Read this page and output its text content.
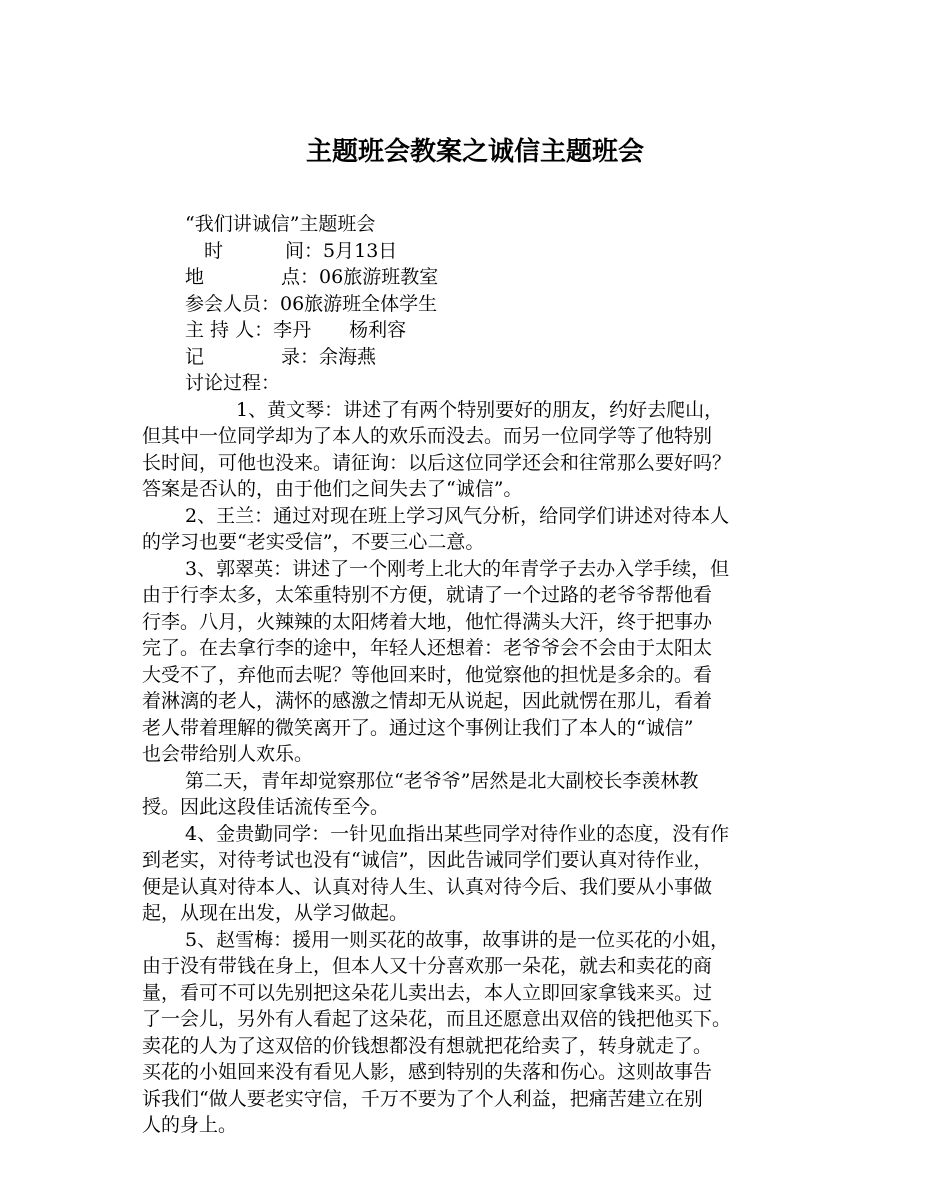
主题班会教案之诚信主题班会
“我们讲诚信”主题班会
时	间：5月13日
地	点：06旅游班教室
参会人员：06旅游班全体学生
主 持 人：李丹 杨利容
记	录：余海燕
讨论过程：
1、黄文琴：讲述了有两个特别要好的朋友，约好去爬山，
但其中一位同学却为了本人的欢乐而没去。而另一位同学等了他特别
长时间，可他也没来。请征询：以后这位同学还会和往常那么要好吗？
答案是否认的，由于他们之间失去了“诚信”。
2、王兰：通过对现在班上学习风气分析，给同学们讲述对待本人
的学习也要“老实受信”，不要三心二意。
3、郭翠英：讲述了一个刚考上北大的年青学子去办入学手续，但
由于行李太多，太笨重特别不方便，就请了一个过路的老爷爷帮他看
行李。八月，火辣辣的太阳烤着大地，他忙得满头大汗，终于把事办
完了。在去拿行李的途中，年轻人还想着：老爷爷会不会由于太阳太
大受不了，弃他而去呢？等他回来时，他觉察他的担忧是多余的。看
着淋漓的老人，满怀的感激之情却无从说起，因此就愣在那儿，看着
老人带着理解的微笑离开了。通过这个事例让我们了本人的“诚信”
也会带给别人欢乐。
第二天，青年却觉察那位“老爷爷”居然是北大副校长李羡林教
授。因此这段佳话流传至今。
4、金贵勤同学：一针见血指出某些同学对待作业的态度，没有作
到老实，对待考试也没有“诚信”，因此告诫同学们要认真对待作业，
便是认真对待本人、认真对待人生、认真对待今后、我们要从小事做
起，从现在出发，从学习做起。
5、赵雪梅：援用一则买花的故事，故事讲的是一位买花的小姐，
由于没有带钱在身上，但本人又十分喜欢那一朵花，就去和卖花的商
量，看可不可以先别把这朵花儿卖出去，本人立即回家拿钱来买。过
了一会儿，另外有人看起了这朵花，而且还愿意出双倍的钱把他买下。
卖花的人为了这双倍的价钱想都没有想就把花给卖了，转身就走了。
买花的小姐回来没有看见人影，感到特别的失落和伤心。这则故事告
诉我们“做人要老实守信，千万不要为了个人利益，把痛苦建立在别
人的身上。
